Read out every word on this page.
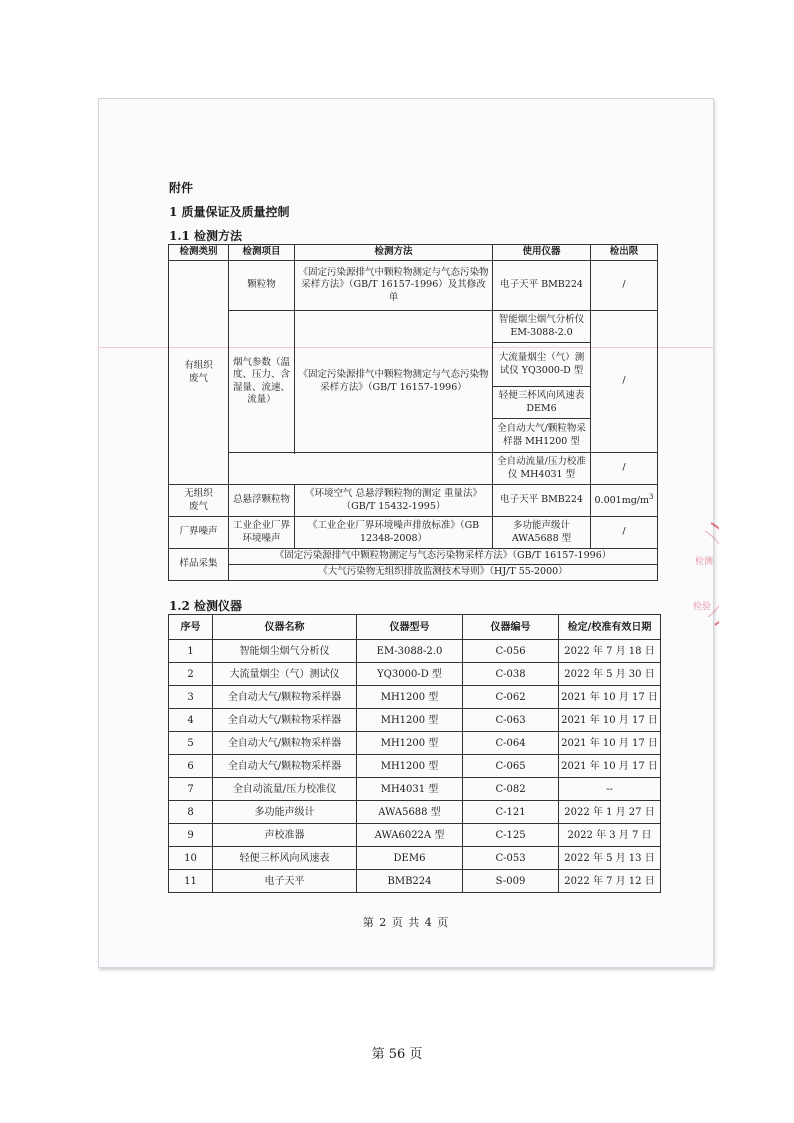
附件
1 质量保证及质量控制
1.1 检测方法
检测类别	检测项目	检测方法	使用仪器	检出限

有组织废气	颗粒物	《固定污染源排气中颗粒物测定与气态污染物采样方法》（GB/T 16157-1996）及其修改单	电子天平 BMB224	/
	烟气参数（温度、压力、含湿量、流速、流量）	《固定污染源排气中颗粒物测定与气态污染物采样方法》（GB/T 16157-1996）	智能烟尘烟气分析仪 EM-3088-2.0	/
			大流量烟尘（气）测试仪 YQ3000-D 型	
			轻便三杯风向风速表 DEM6	
			全自动大气/颗粒物采样器 MH1200 型	

			全自动流量/压力校准仪 MH4031 型	/

无组织废气	总悬浮颗粒物	《环境空气 总悬浮颗粒物的测定 重量法》（GB/T 15432-1995）	电子天平 BMB224	$0.001mg/m^3$
厂界噪声	工业企业厂界环境噪声	《工业企业厂界环境噪声排放标准》（GB 12348-2008）	多功能声级计 AWA5688 型	/
样品采集	《固定污染源排气中颗粒物测定与气态污染物采样方法》（GB/T 16157-1996）			
	《大气污染物无组织排放监测技术导则》（HJ/T 55-2000）			
1.2 检测仪器
序号	仪器名称	仪器型号	仪器编号	检定/校准有效日期
1	智能烟尘烟气分析仪	EM-3088-2.0	C-056	2022 年 7 月 18 日
2	大流量烟尘（气）测试仪	YQ3000-D 型	C-038	2022 年 5 月 30 日
3	全自动大气/颗粒物采样器	MH1200 型	C-062	2021 年 10 月 17 日
4	全自动大气/颗粒物采样器	MH1200 型	C-063	2021 年 10 月 17 日
5	全自动大气/颗粒物采样器	MH1200 型	C-064	2021 年 10 月 17 日
6	全自动大气/颗粒物采样器	MH1200 型	C-065	2021 年 10 月 17 日
7	全自动流量/压力校准仪	MH4031 型	C-082	--
8	多功能声级计	AWA5688 型	C-121	2022 年 1 月 27 日
9	声校准器	AWA6022A 型	C-125	2022 年 3 月 7 日
10	轻便三杯风向风速表	DEM6	C-053	2022 年 5 月 13 日
11	电子天平	BMB224	S-009	2022 年 7 月 12 日
第 2 页 共 4 页
检测
检验
第 56 页
